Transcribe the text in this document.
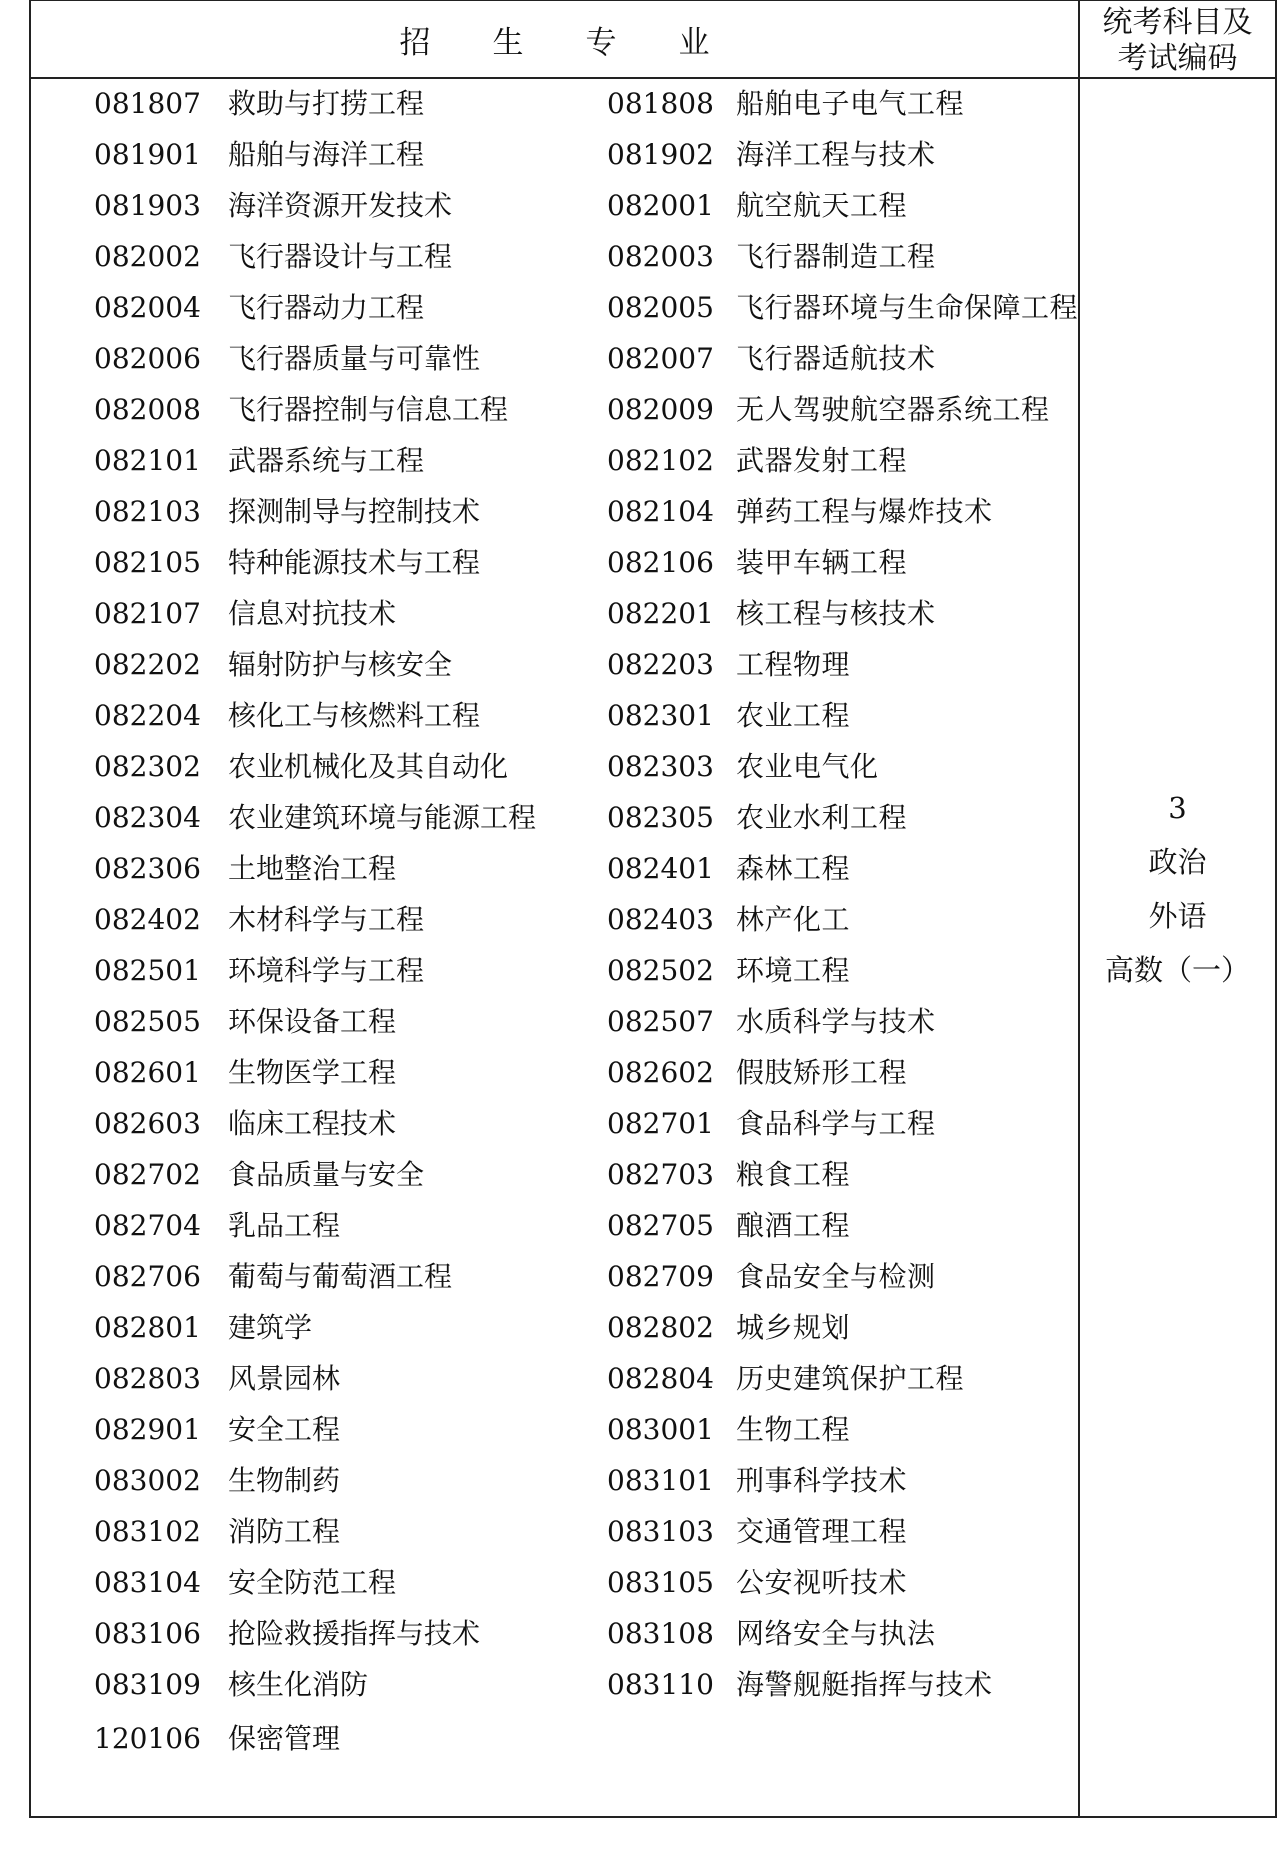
招生专业
统考科目及
考试编码
081807 救助与打捞工程	081808 船舶电子电气工程
081901 船舶与海洋工程	081902 海洋工程与技术
081903 海洋资源开发技术	082001 航空航天工程
082002 飞行器设计与工程	082003 飞行器制造工程
082004 飞行器动力工程	082005 飞行器环境与生命保障工程
082006 飞行器质量与可靠性	082007 飞行器适航技术
082008 飞行器控制与信息工程	082009 无人驾驶航空器系统工程
082101 武器系统与工程	082102 武器发射工程
082103 探测制导与控制技术	082104 弹药工程与爆炸技术
082105 特种能源技术与工程	082106 装甲车辆工程
082107 信息对抗技术	082201 核工程与核技术
082202 辐射防护与核安全	082203 工程物理
082204 核化工与核燃料工程	082301 农业工程
082302 农业机械化及其自动化	082303 农业电气化
082304 农业建筑环境与能源工程	082305 农业水利工程
082306 土地整治工程	082401 森林工程
082402 木材科学与工程	082403 林产化工
082501 环境科学与工程	082502 环境工程
082505 环保设备工程	082507 水质科学与技术
082601 生物医学工程	082602 假肢矫形工程
082603 临床工程技术	082701 食品科学与工程
082702 食品质量与安全	082703 粮食工程
082704 乳品工程	082705 酿酒工程
082706 葡萄与葡萄酒工程	082709 食品安全与检测
082801 建筑学	082802 城乡规划
082803 风景园林	082804 历史建筑保护工程
082901 安全工程	083001 生物工程
083002 生物制药	083101 刑事科学技术
083102 消防工程	083103 交通管理工程
083104 安全防范工程	083105 公安视听技术
083106 抢险救援指挥与技术	083108 网络安全与执法
083109 核生化消防	083110 海警舰艇指挥与技术
120106 保密管理
3
政治
外语
高数（一）
